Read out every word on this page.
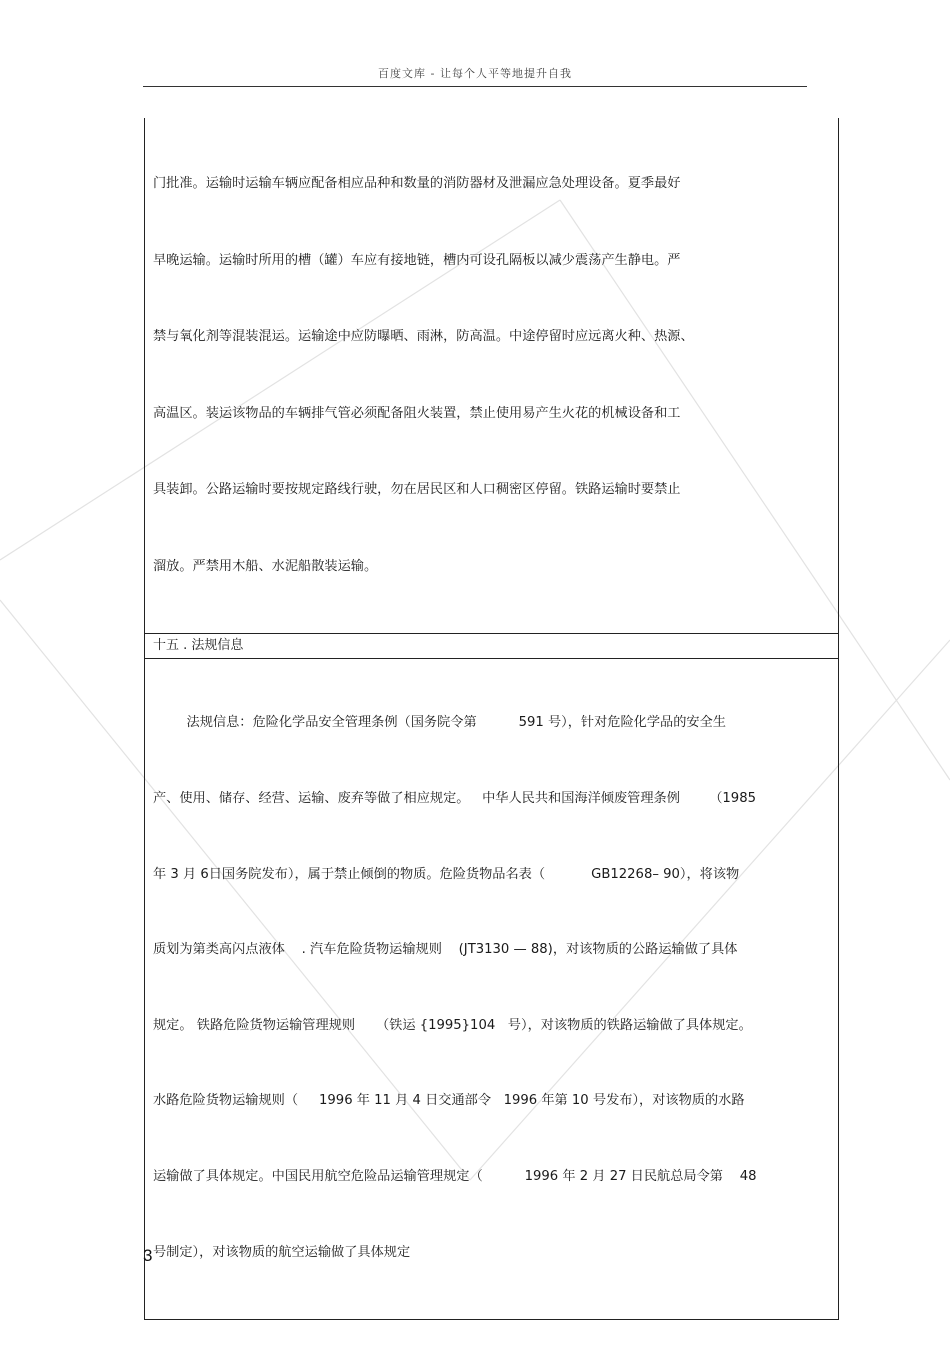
百度文库 - 让每个人平等地提升自我

门批准。运输时运输车辆应配备相应品种和数量的消防器材及泄漏应急处理设备。夏季最好

早晚运输。运输时所用的槽（罐）车应有接地链，槽内可设孔隔板以减少震荡产生静电。严

禁与氧化剂等混装混运。运输途中应防曝晒、雨淋，防高温。中途停留时应远离火种、热源、

高温区。装运该物品的车辆排气管必须配备阻火装置，禁止使用易产生火花的机械设备和工

具装卸。公路运输时要按规定路线行驶，勿在居民区和人口稠密区停留。铁路运输时要禁止

溜放。严禁用木船、水泥船散装运输。

十五 . 法规信息

法规信息：危险化学品安全管理条例（国务院令第          591 号），针对危险化学品的安全生

产、使用、储存、经营、运输、废弃等做了相应规定。   中华人民共和国海洋倾废管理条例       （1985

年 3 月 6日国务院发布），属于禁止倾倒的物质。危险货物品名表（           GB12268– 90），将该物

质划为第类高闪点液体    . 汽车危险货物运输规则    (JT3130 — 88)，对该物质的公路运输做了具体

规定。 铁路危险货物运输管理规则     （铁运 {1995}104   号），对该物质的铁路运输做了具体规定。

水路危险货物运输规则（     1996 年 11 月 4 日交通部令   1996 年第 10 号发布），对该物质的水路

运输做了具体规定。中国民用航空危险品运输管理规定（          1996 年 2 月 27 日民航总局令第    48

号制定），对该物质的航空运输做了具体规定

3
